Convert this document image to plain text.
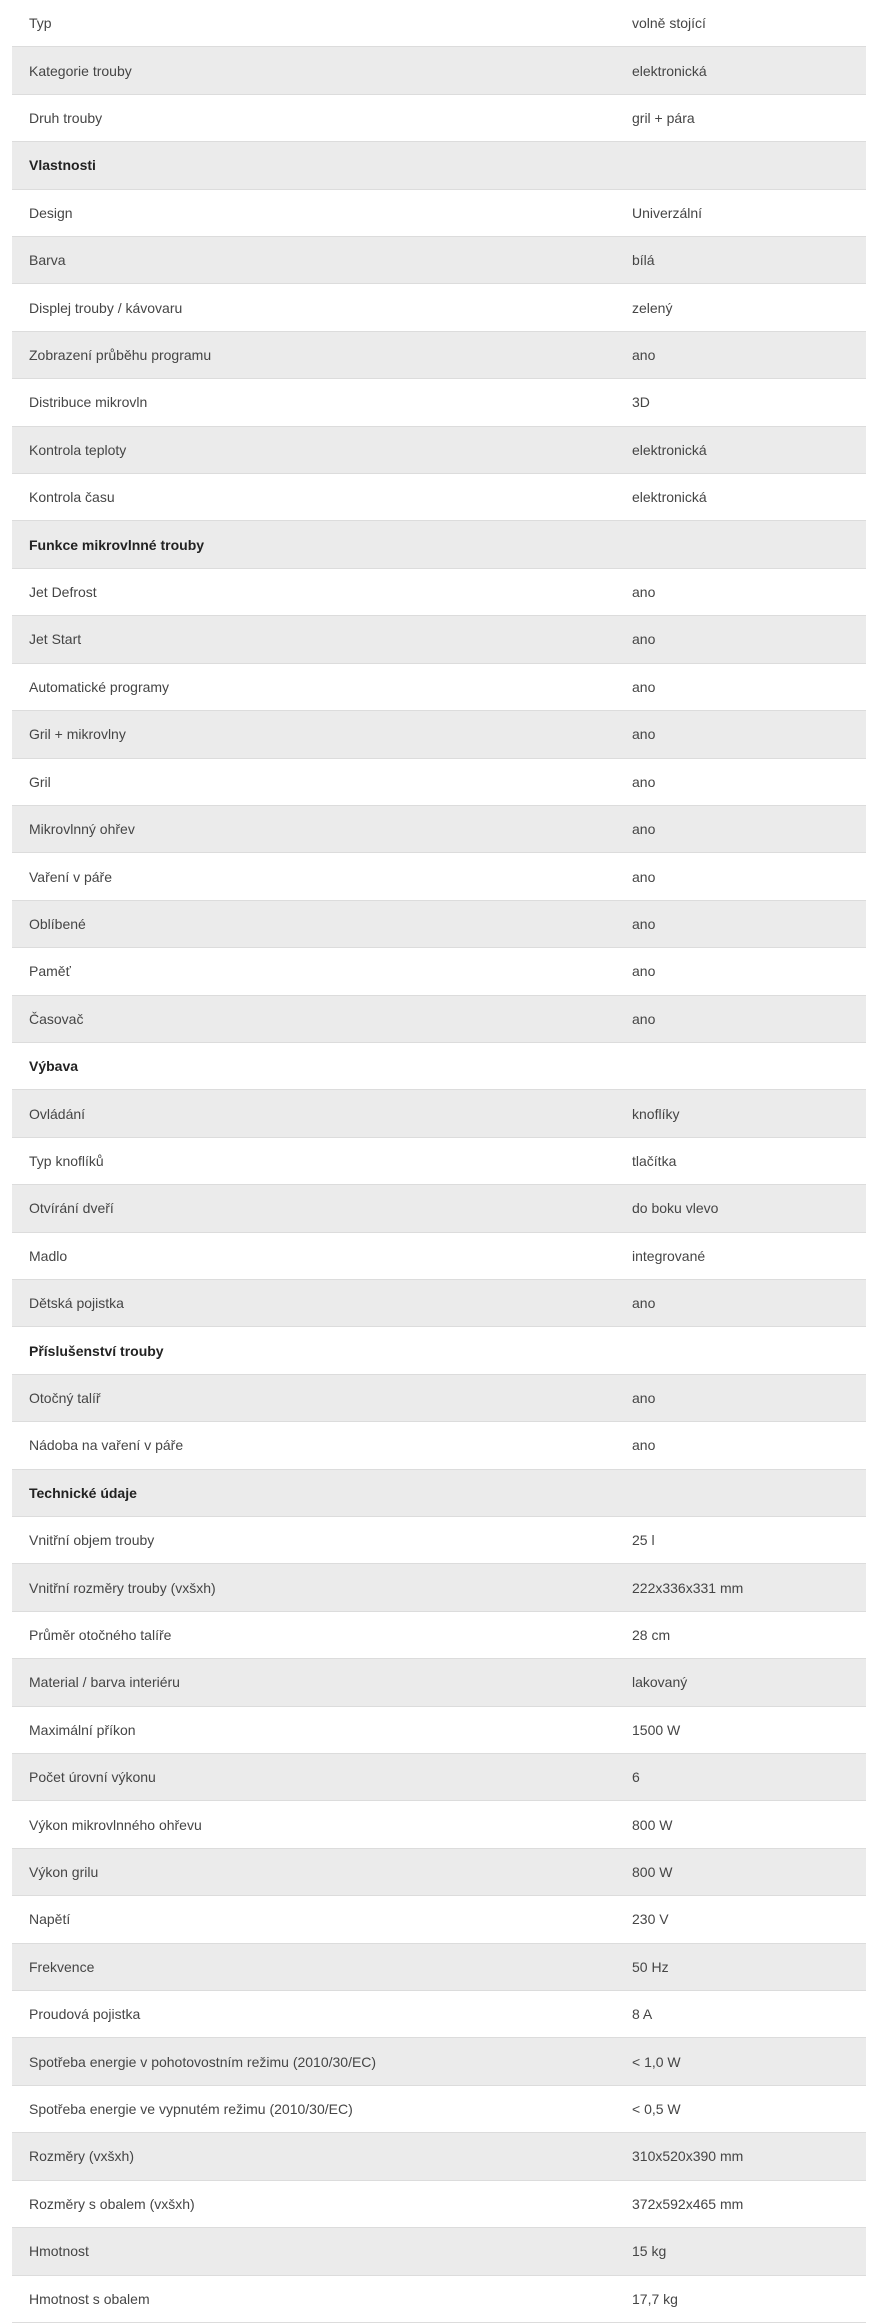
Typ	volně stojící
Kategorie trouby	elektronická
Druh trouby	gril + pára
Vlastnosti
Design	Univerzální
Barva	bílá
Displej trouby / kávovaru	zelený
Zobrazení průběhu programu	ano
Distribuce mikrovln	3D
Kontrola teploty	elektronická
Kontrola času	elektronická
Funkce mikrovlnné trouby
Jet Defrost	ano
Jet Start	ano
Automatické programy	ano
Gril + mikrovlny	ano
Gril	ano
Mikrovlnný ohřev	ano
Vaření v páře	ano
Oblíbené	ano
Paměť	ano
Časovač	ano
Výbava
Ovládání	knoflíky
Typ knoflíků	tlačítka
Otvírání dveří	do boku vlevo
Madlo	integrované
Dětská pojistka	ano
Příslušenství trouby
Otočný talíř	ano
Nádoba na vaření v páře	ano
Technické údaje
Vnitřní objem trouby	25 l
Vnitřní rozměry trouby (vxšxh)	222x336x331 mm
Průměr otočného talíře	28 cm
Material / barva interiéru	lakovaný
Maximální příkon	1500 W
Počet úrovní výkonu	6
Výkon mikrovlnného ohřevu	800 W
Výkon grilu	800 W
Napětí	230 V
Frekvence	50 Hz
Proudová pojistka	8 A
Spotřeba energie v pohotovostním režimu (2010/30/EC)	< 1,0 W
Spotřeba energie ve vypnutém režimu (2010/30/EC)	< 0,5 W
Rozměry (vxšxh)	310x520x390 mm
Rozměry s obalem (vxšxh)	372x592x465 mm
Hmotnost	15 kg
Hmotnost s obalem	17,7 kg
